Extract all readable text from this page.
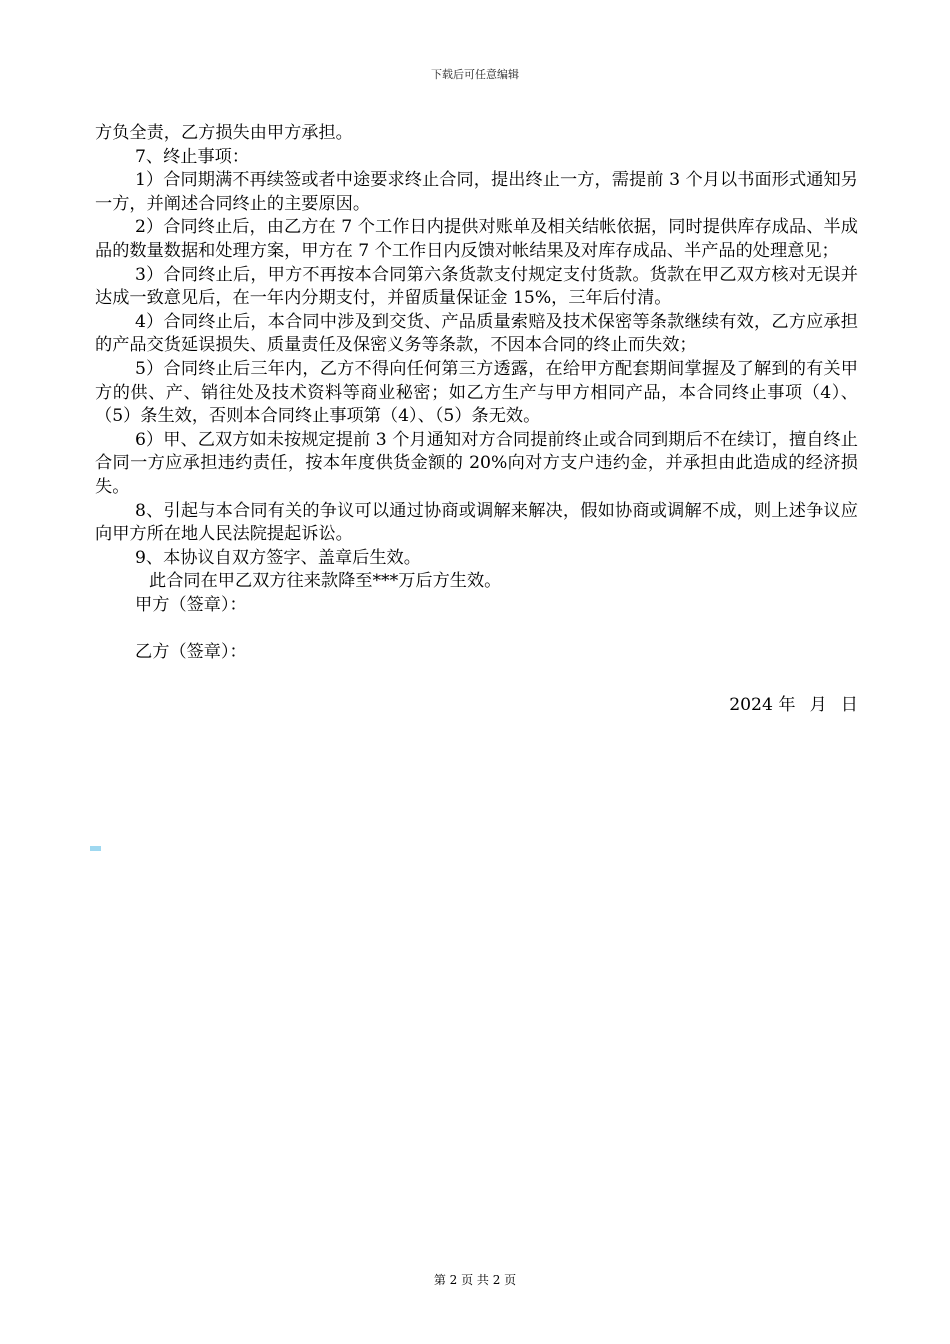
下载后可任意编辑

方负全责，乙方损失由甲方承担。

7、终止事项：

1）合同期满不再续签或者中途要求终止合同，提出终止一方，需提前 3 个月以书面形式通知另一方，并阐述合同终止的主要原因。

2）合同终止后，由乙方在 7 个工作日内提供对账单及相关结帐依据，同时提供库存成品、半成品的数量数据和处理方案，甲方在 7 个工作日内反馈对帐结果及对库存成品、半产品的处理意见；

3）合同终止后，甲方不再按本合同第六条货款支付规定支付货款。货款在甲乙双方核对无误并达成一致意见后，在一年内分期支付，并留质量保证金 15%，三年后付清。

4）合同终止后，本合同中涉及到交货、产品质量索赔及技术保密等条款继续有效，乙方应承担的产品交货延误损失、质量责任及保密义务等条款，不因本合同的终止而失效；

5）合同终止后三年内，乙方不得向任何第三方透露，在给甲方配套期间掌握及了解到的有关甲方的供、产、销往处及技术资料等商业秘密；如乙方生产与甲方相同产品，本合同终止事项（4）、（5）条生效，否则本合同终止事项第（4）、（5）条无效。

6）甲、乙双方如未按规定提前 3 个月通知对方合同提前终止或合同到期后不在续订，擅自终止合同一方应承担违约责任，按本年度供货金额的 20%向对方支户违约金，并承担由此造成的经济损失。

8、引起与本合同有关的争议可以通过协商或调解来解决，假如协商或调解不成，则上述争议应向甲方所在地人民法院提起诉讼。

9、本协议自双方签字、盖章后生效。

此合同在甲乙双方往来款降至***万后方生效。

甲方（签章）：

乙方（签章）：

2024 年 月 日

第 2 页 共 2 页
